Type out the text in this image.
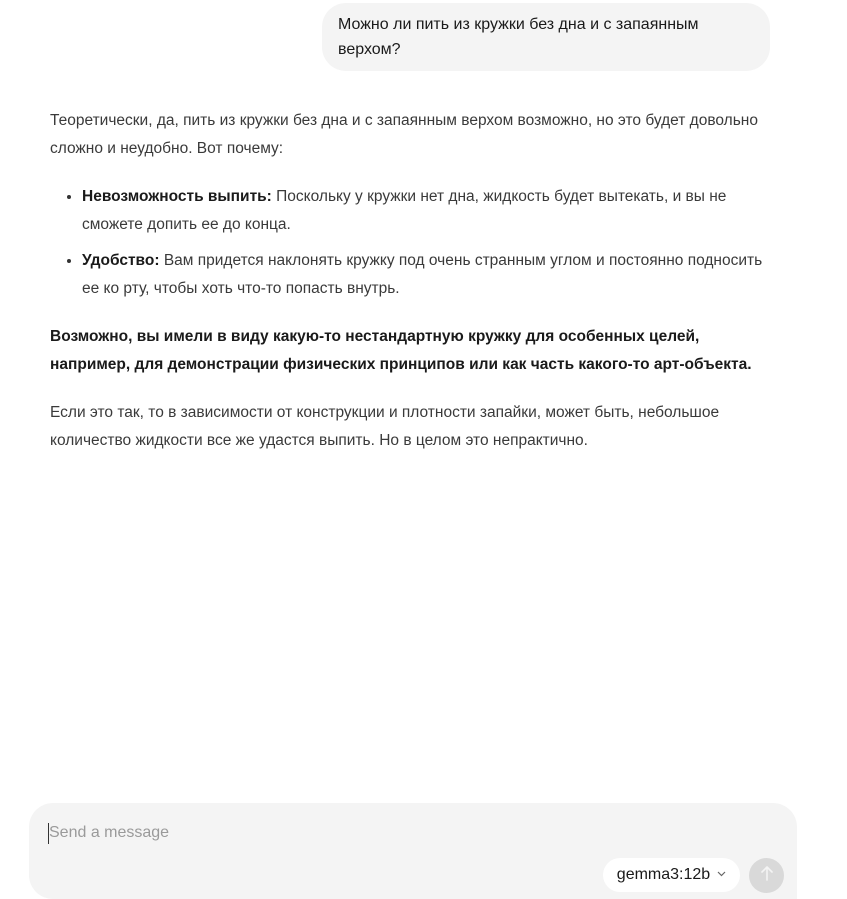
Можно ли пить из кружки без дна и с запаянным верхом?

Теоретически, да, пить из кружки без дна и с запаянным верхом возможно, но это будет довольно сложно и неудобно. Вот почему:

• Невозможность выпить: Поскольку у кружки нет дна, жидкость будет вытекать, и вы не сможете допить ее до конца.
• Удобство: Вам придется наклонять кружку под очень странным углом и постоянно подносить ее ко рту, чтобы хоть что-то попасть внутрь.

Возможно, вы имели в виду какую-то нестандартную кружку для особенных целей, например, для демонстрации физических принципов или как часть какого-то арт-объекта.

Если это так, то в зависимости от конструкции и плотности запайки, может быть, небольшое количество жидкости все же удастся выпить. Но в целом это непрактично.

Send a message
gemma3:12b
